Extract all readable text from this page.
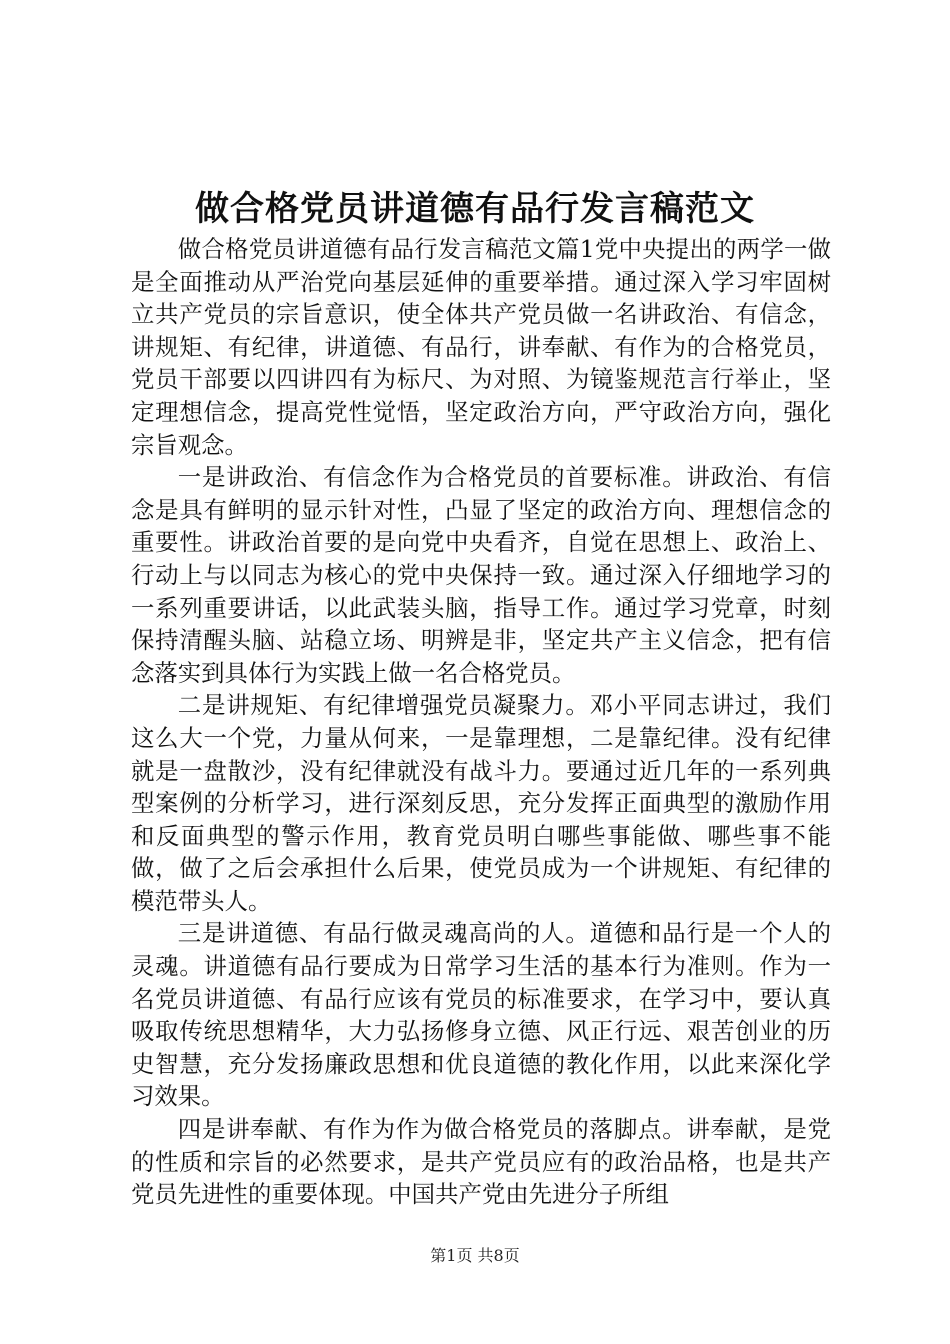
做合格党员讲道德有品行发言稿范文

做合格党员讲道德有品行发言稿范文篇1党中央提出的两学一做是全面推动从严治党向基层延伸的重要举措。通过深入学习牢固树立共产党员的宗旨意识，使全体共产党员做一名讲政治、有信念，讲规矩、有纪律，讲道德、有品行，讲奉献、有作为的合格党员，党员干部要以四讲四有为标尺、为对照、为镜鉴规范言行举止，坚定理想信念，提高党性觉悟，坚定政治方向，严守政治方向，强化宗旨观念。

一是讲政治、有信念作为合格党员的首要标准。讲政治、有信念是具有鲜明的显示针对性，凸显了坚定的政治方向、理想信念的重要性。讲政治首要的是向党中央看齐，自觉在思想上、政治上、行动上与以同志为核心的党中央保持一致。通过深入仔细地学习的一系列重要讲话，以此武装头脑，指导工作。通过学习党章，时刻保持清醒头脑、站稳立场、明辨是非，坚定共产主义信念，把有信念落实到具体行为实践上做一名合格党员。

二是讲规矩、有纪律增强党员凝聚力。邓小平同志讲过，我们这么大一个党，力量从何来，一是靠理想，二是靠纪律。没有纪律就是一盘散沙，没有纪律就没有战斗力。要通过近几年的一系列典型案例的分析学习，进行深刻反思，充分发挥正面典型的激励作用和反面典型的警示作用，教育党员明白哪些事能做、哪些事不能做，做了之后会承担什么后果，使党员成为一个讲规矩、有纪律的模范带头人。

三是讲道德、有品行做灵魂高尚的人。道德和品行是一个人的灵魂。讲道德有品行要成为日常学习生活的基本行为准则。作为一名党员讲道德、有品行应该有党员的标准要求，在学习中，要认真吸取传统思想精华，大力弘扬修身立德、风正行远、艰苦创业的历史智慧，充分发扬廉政思想和优良道德的教化作用，以此来深化学习效果。

四是讲奉献、有作为作为做合格党员的落脚点。讲奉献，是党的性质和宗旨的必然要求，是共产党员应有的政治品格，也是共产党员先进性的重要体现。中国共产党由先进分子所组

第1页 共8页
